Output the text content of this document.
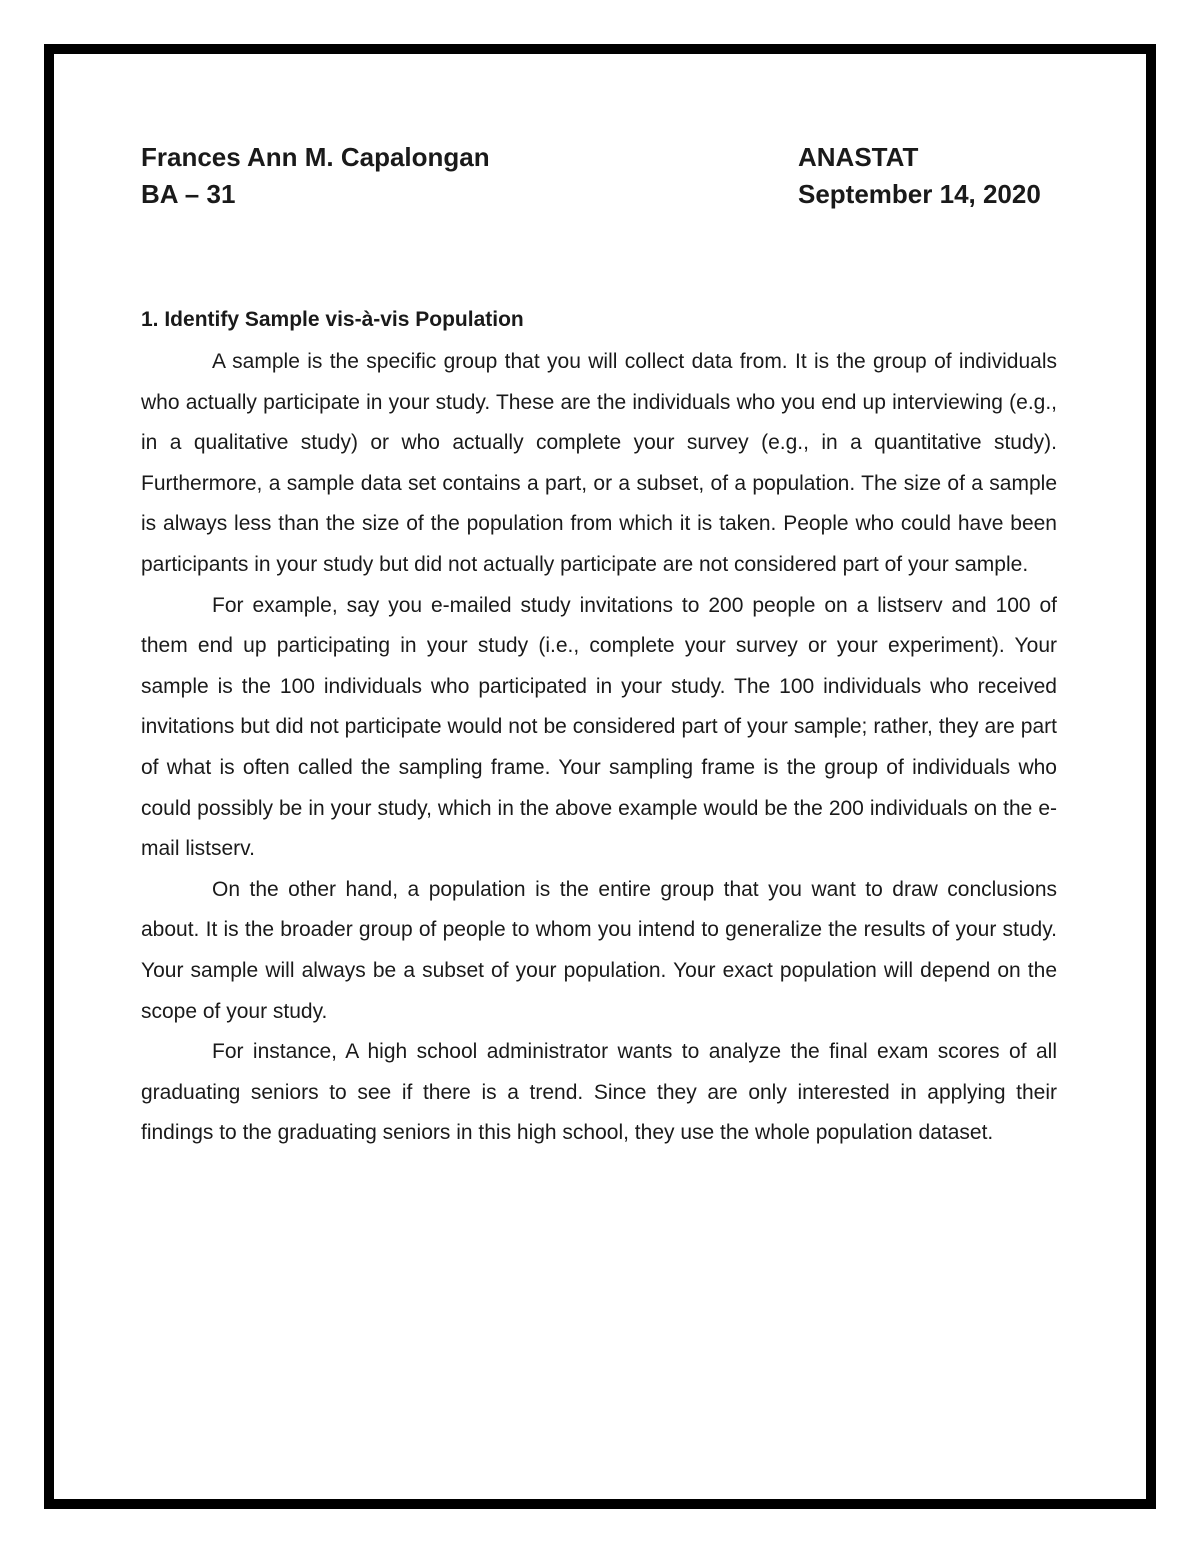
Frances Ann M. Capalongan
BA – 31
ANASTAT
September 14, 2020
1. Identify Sample vis-à-vis Population

A sample is the specific group that you will collect data from. It is the group of individuals who actually participate in your study. These are the individuals who you end up interviewing (e.g., in a qualitative study) or who actually complete your survey (e.g., in a quantitative study). Furthermore, a sample data set contains a part, or a subset, of a population. The size of a sample is always less than the size of the population from which it is taken. People who could have been participants in your study but did not actually participate are not considered part of your sample.

For example, say you e-mailed study invitations to 200 people on a listserv and 100 of them end up participating in your study (i.e., complete your survey or your experiment). Your sample is the 100 individuals who participated in your study. The 100 individuals who received invitations but did not participate would not be considered part of your sample; rather, they are part of what is often called the sampling frame. Your sampling frame is the group of individuals who could possibly be in your study, which in the above example would be the 200 individuals on the e-mail listserv.

On the other hand, a population is the entire group that you want to draw conclusions about. It is the broader group of people to whom you intend to generalize the results of your study. Your sample will always be a subset of your population. Your exact population will depend on the scope of your study.

For instance, A high school administrator wants to analyze the final exam scores of all graduating seniors to see if there is a trend. Since they are only interested in applying their findings to the graduating seniors in this high school, they use the whole population dataset.
